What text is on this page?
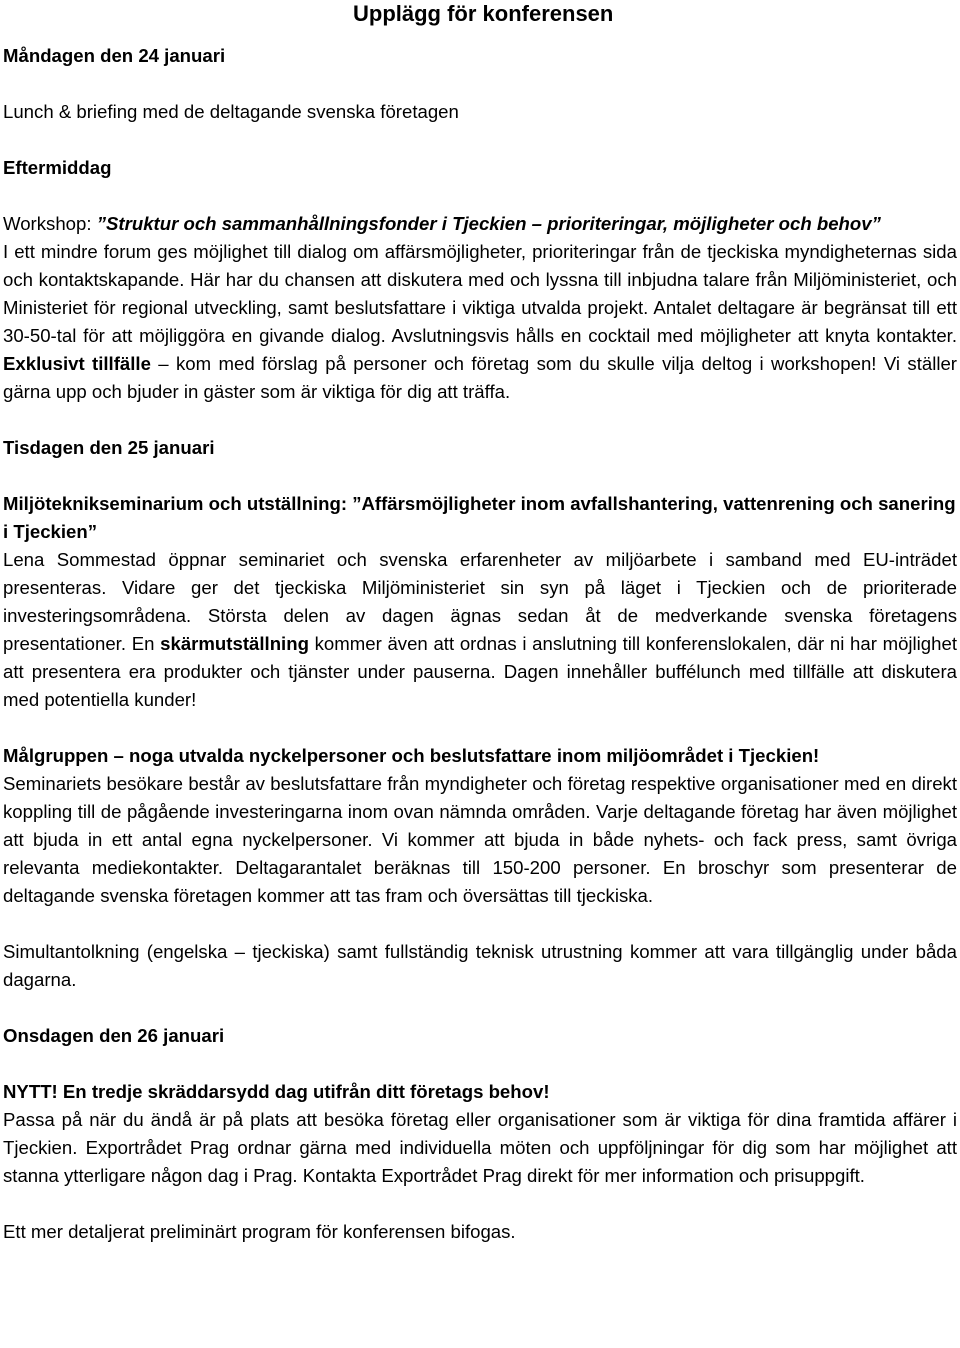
Upplägg för konferensen

Måndagen den 24 januari

Lunch & briefing med de deltagande svenska företagen

Eftermiddag

Workshop: ”Struktur och sammanhållningsfonder i Tjeckien – prioriteringar, möjligheter och behov”

I ett mindre forum ges möjlighet till dialog om affärsmöjligheter, prioriteringar från de tjeckiska myndigheternas sida och kontaktskapande. Här har du chansen att diskutera med och lyssna till inbjudna talare från Miljöministeriet, och Ministeriet för regional utveckling, samt beslutsfattare i viktiga utvalda projekt. Antalet deltagare är begränsat till ett 30-50-tal för att möjliggöra en givande dialog. Avslutningsvis hålls en cocktail med möjligheter att knyta kontakter. Exklusivt tillfälle – kom med förslag på personer och företag som du skulle vilja deltog i workshopen! Vi ställer gärna upp och bjuder in gäster som är viktiga för dig att träffa.

Tisdagen den 25 januari

Miljöteknikseminarium och utställning: ”Affärsmöjligheter inom avfallshantering, vattenrening och sanering i Tjeckien”

Lena Sommestad öppnar seminariet och svenska erfarenheter av miljöarbete i samband med EU-inträdet presenteras. Vidare ger det tjeckiska Miljöministeriet sin syn på läget i Tjeckien och de prioriterade investeringsområdena. Största delen av dagen ägnas sedan åt de medverkande svenska företagens presentationer. En skärmutställning kommer även att ordnas i anslutning till konferenslokalen, där ni har möjlighet att presentera era produkter och tjänster under pauserna. Dagen innehåller buffélunch med tillfälle att diskutera med potentiella kunder!

Målgruppen – noga utvalda nyckelpersoner och beslutsfattare inom miljöområdet i Tjeckien!

Seminariets besökare består av beslutsfattare från myndigheter och företag respektive organisationer med en direkt koppling till de pågående investeringarna inom ovan nämnda områden. Varje deltagande företag har även möjlighet att bjuda in ett antal egna nyckelpersoner. Vi kommer att bjuda in både nyhets- och fack press, samt övriga relevanta mediekontakter. Deltagarantalet beräknas till 150-200 personer. En broschyr som presenterar de deltagande svenska företagen kommer att tas fram och översättas till tjeckiska.

Simultantolkning (engelska – tjeckiska) samt fullständig teknisk utrustning kommer att vara tillgänglig under båda dagarna.

Onsdagen den 26 januari

NYTT! En tredje skräddarsydd dag utifrån ditt företags behov!

Passa på när du ändå är på plats att besöka företag eller organisationer som är viktiga för dina framtida affärer i Tjeckien. Exportrådet Prag ordnar gärna med individuella möten och uppföljningar för dig som har möjlighet att stanna ytterligare någon dag i Prag. Kontakta Exportrådet Prag direkt för mer information och prisuppgift.

Ett mer detaljerat preliminärt program för konferensen bifogas.
